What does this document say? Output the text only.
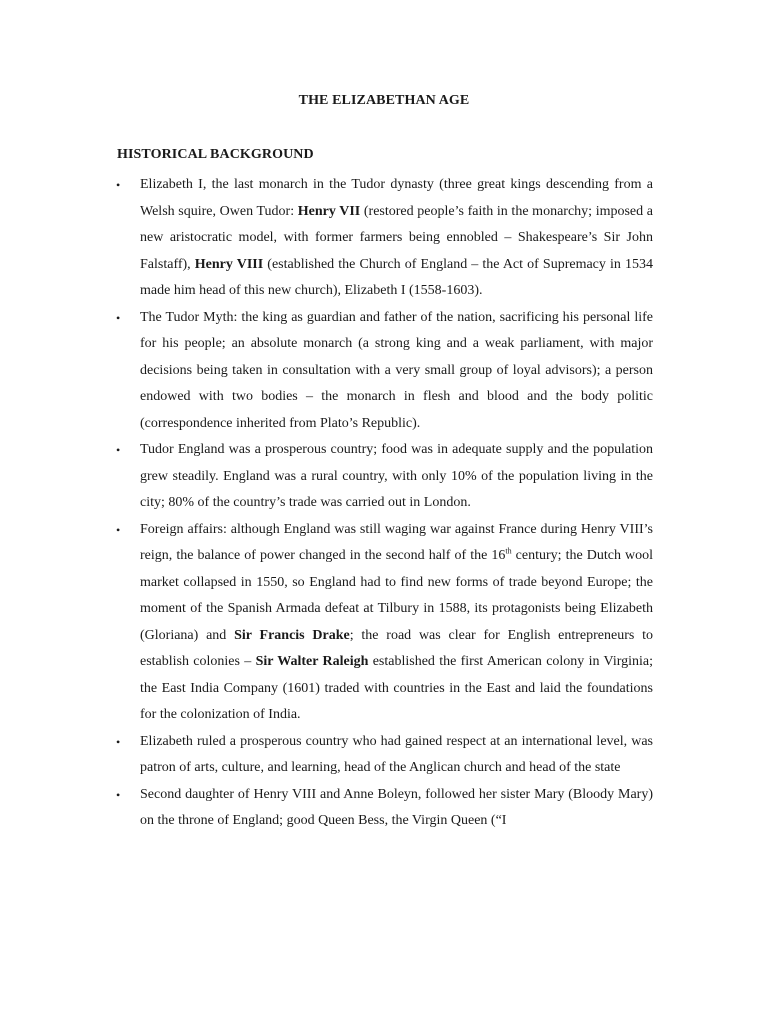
THE ELIZABETHAN AGE
HISTORICAL BACKGROUND
• Elizabeth I, the last monarch in the Tudor dynasty (three great kings descending from a Welsh squire, Owen Tudor: Henry VII (restored people’s faith in the monarchy; imposed a new aristocratic model, with former farmers being ennobled – Shakespeare’s Sir John Falstaff), Henry VIII (established the Church of England – the Act of Supremacy in 1534 made him head of this new church), Elizabeth I (1558-1603).

• The Tudor Myth: the king as guardian and father of the nation, sacrificing his personal life for his people; an absolute monarch (a strong king and a weak parliament, with major decisions being taken in consultation with a very small group of loyal advisors); a person endowed with two bodies – the monarch in flesh and blood and the body politic (correspondence inherited from Plato’s Republic).

• Tudor England was a prosperous country; food was in adequate supply and the population grew steadily. England was a rural country, with only 10% of the population living in the city; 80% of the country’s trade was carried out in London.

• Foreign affairs: although England was still waging war against France during Henry VIII’s reign, the balance of power changed in the second half of the 16th century; the Dutch wool market collapsed in 1550, so England had to find new forms of trade beyond Europe; the moment of the Spanish Armada defeat at Tilbury in 1588, its protagonists being Elizabeth (Gloriana) and Sir Francis Drake; the road was clear for English entrepreneurs to establish colonies – Sir Walter Raleigh established the first American colony in Virginia; the East India Company (1601) traded with countries in the East and laid the foundations for the colonization of India.

• Elizabeth ruled a prosperous country who had gained respect at an international level, was patron of arts, culture, and learning, head of the Anglican church and head of the state

• Second daughter of Henry VIII and Anne Boleyn, followed her sister Mary (Bloody Mary) on the throne of England; good Queen Bess, the Virgin Queen (“I
